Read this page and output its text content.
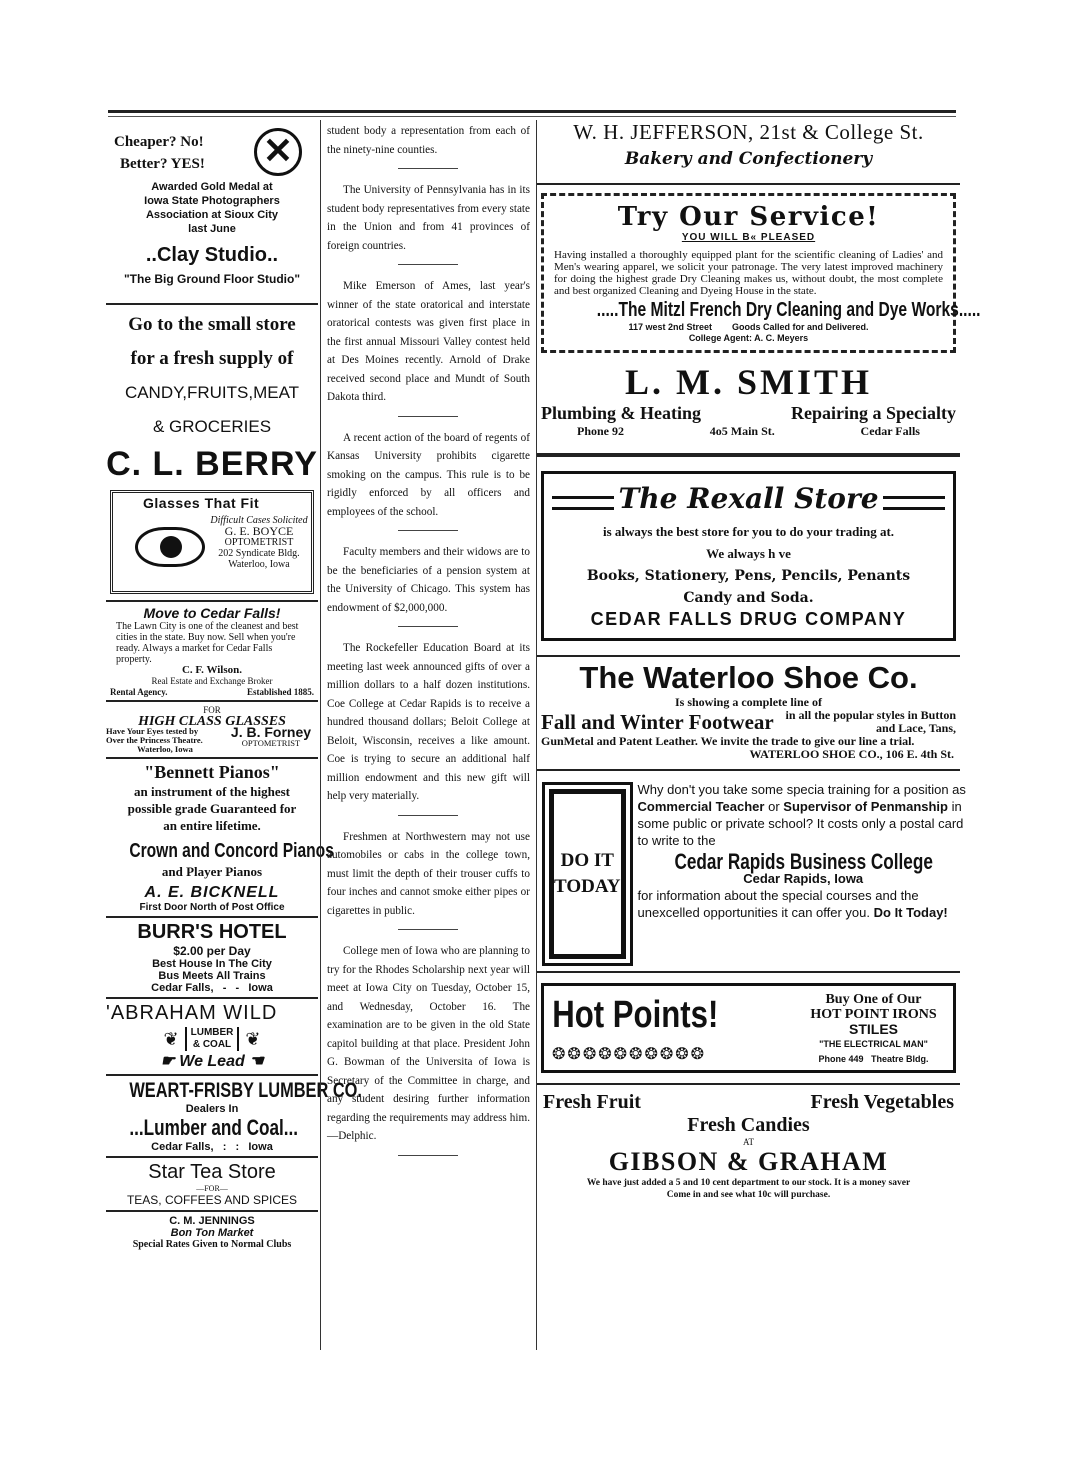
Cheaper? No!
Better? YES! ✕
Awarded Gold Medal at
Iowa State Photographers
Association at Sioux City
last June
..Clay Studio..
"The Big Ground Floor Studio"
Go to the small store
for a fresh supply of
CANDY,FRUITS,MEAT
& GROCERIES
C. L. BERRY
Glasses That Fit
Difficult Cases Solicited
G. E. BOYCE
OPTOMETRIST
202 Syndicate Bldg.
Waterloo, Iowa
Move to Cedar Falls!

The Lawn City is one of the cleanest and best cities in the state. Buy now. Sell when you're ready. Always a market for Cedar Falls property.

C. F. Wilson.

Real Estate and Exchange Broker

Rental Agency.	Established 1885.
FOR
HIGH CLASS GLASSES
Have Your Eyes tested by
Over the Princess Theatre.
Waterloo, Iowa
J. B. Forney
OPTOMETRIST
"Bennett Pianos"

an instrument of the highest possible grade Guaranteed for an entire lifetime.

Crown and Concord Pianos

and Player Pianos

A. E. BICKNELL
First Door North of Post Office
BURR'S HOTEL
$2.00 per Day
Best House In The City
Bus Meets All Trains
Cedar Falls,   -   -   Iowa
'ABRAHAM WILD
❦ LUMBER
& COAL ❦
☛ We Lead ☚
WEART-FRISBY LUMBER CO.
Dealers In
...Lumber and Coal...
Cedar Falls,   :   :   Iowa
Star Tea Store
—FOR—
TEAS, COFFEES AND SPICES
C. M. JENNINGS
Bon Ton Market
Special Rates Given to Normal Clubs

student body a representation from each of the ninety-nine counties.

The University of Pennsylvania has in its student body representatives from every state in the Union and from 41 provinces of foreign countries.

Mike Emerson of Ames, last year's winner of the state oratorical and interstate oratorical contests was given first place in the first annual Missouri Valley contest held at Des Moines recently. Arnold of Drake received second place and Mundt of South Dakota third.

A recent action of the board of regents of Kansas University prohibits cigarette smoking on the campus. This rule is to be rigidly enforced by all officers and employees of the school.

Faculty members and their widows are to be the beneficiaries of a pension system at the University of Chicago. This system has endowment of $2,000,000.

The Rockefeller Education Board at its meeting last week announced gifts of over a million dollars to a half dozen institutions. Coe College at Cedar Rapids is to receive a hundred thousand dollars; Beloit College at Beloit, Wisconsin, receives a like amount. Coe is trying to secure an additional half million endowment and this new gift will help very materially.

Freshmen at Northwestern may not use automobiles or cabs in the college town, must limit the depth of their trouser cuffs to four inches and cannot smoke either pipes or cigarettes in public.

College men of Iowa who are planning to try for the Rhodes Scholarship next year will meet at Iowa City on Tuesday, October 15, and Wednesday, October 16. The examination are to be given in the old State capitol building at that place. President John G. Bowman of the Universita of Iowa is Secretary of the Committee in charge, and any student desiring further information regarding the requirements may address him.—Delphic.

W. H. JEFFERSON, 21st & College St.
Bakery and Confectionery
Try Our Service!
YOU WILL B« PLEASED

Having installed a thoroughly equipped plant for the scientific cleaning of Ladies' and Men's wearing apparel, we solicit your patronage. The very latest improved machinery for doing the highest grade Dry Cleaning makes us, without doubt, the most complete and best organized Cleaning and Dyeing House in the state.

.....The Mitzl French Dry Cleaning and Dye Works.....
117 west 2nd Street        Goods Called for and Delivered.
College Agent: A. C. Meyers
L. M. SMITH
Plumbing & Heating	Repairing a Specialty
Phone 92	4o5 Main St.	Cedar Falls
The Rexall Store

is always the best store for you to do your trading at.

We always h ve

Books, Stationery, Pens, Pencils, Penants

Candy and Soda.

CEDAR FALLS DRUG COMPANY
The Waterloo Shoe Co.

Is showing a complete line of

Fall and Winter Footwear in all the popular styles in Button and Lace, Tans,

GunMetal and Patent Leather. We invite the trade to give our line a trial.

WATERLOO SHOE CO., 106 E. 4th St.

DO IT TODAY
Why don't you take some specia training for a position as Commercial Teacher or Supervisor of Penmanship in some public or private school? It costs only a postal card to write to the
Cedar Rapids Business College
Cedar Rapids, Iowa
for information about the special courses and the unexcelled opportunities it can offer you. Do It Today!
Hot Points!	Buy One of Our
HOT POINT IRONS
STILES
"THE ELECTRICAL MAN"
Phone 449   Theatre Bldg.
❂❂❂❂❂❂❂❂❂❂
Fresh Fruit	Fresh Vegetables
Fresh Candies
AT
GIBSON & GRAHAM
We have just added a 5 and 10 cent department to our stock. It is a money saver
Come in and see what 10c will purchase.
